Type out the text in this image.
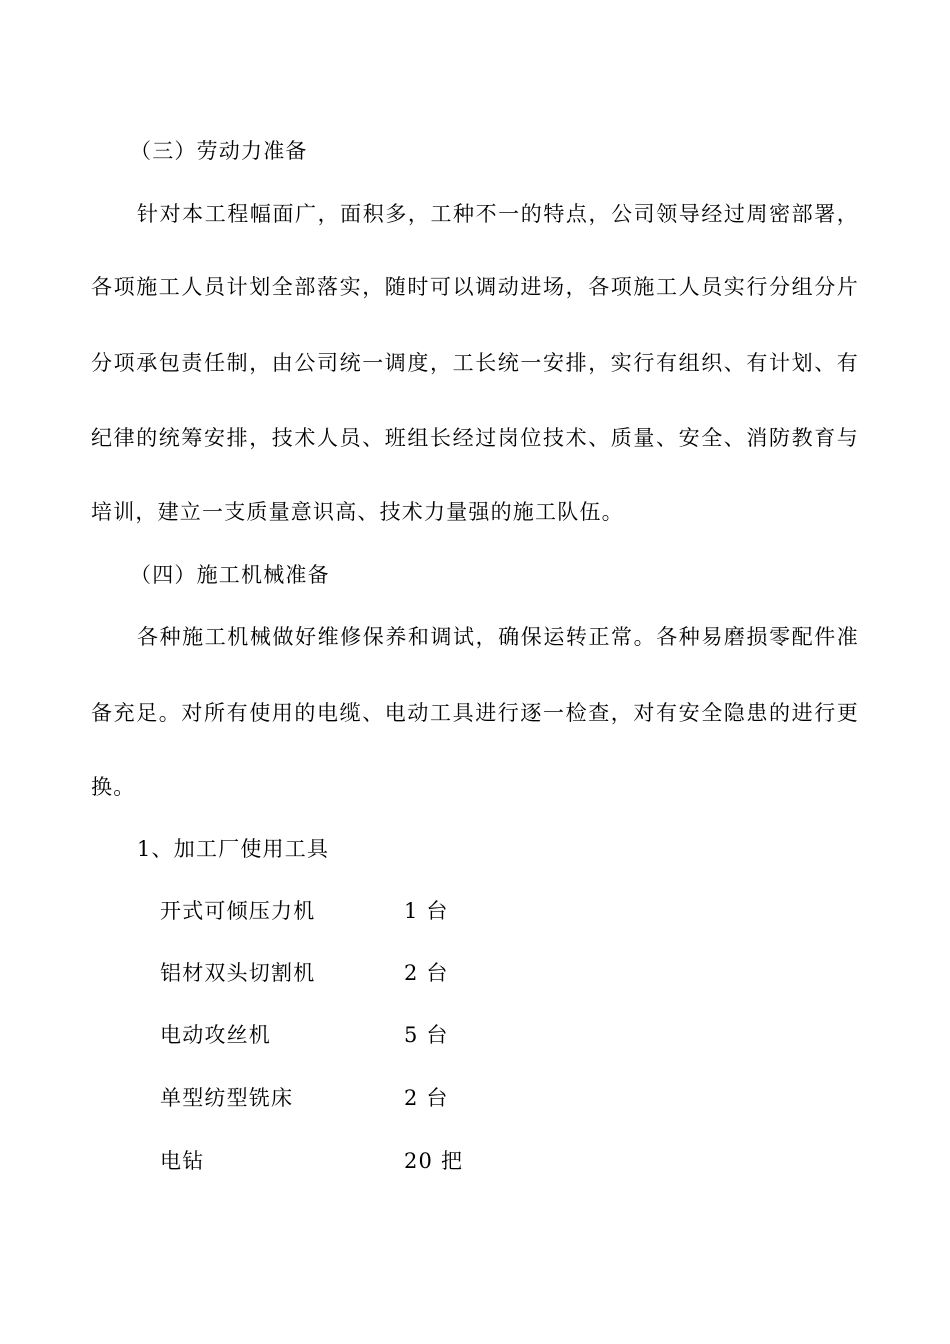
（三）劳动力准备
针对本工程幅面广，面积多，工种不一的特点，公司领导经过周密部署，
各项施工人员计划全部落实，随时可以调动进场，各项施工人员实行分组分片
分项承包责任制，由公司统一调度，工长统一安排，实行有组织、有计划、有
纪律的统筹安排，技术人员、班组长经过岗位技术、质量、安全、消防教育与
培训，建立一支质量意识高、技术力量强的施工队伍。
（四）施工机械准备
各种施工机械做好维修保养和调试，确保运转正常。各种易磨损零配件准
备充足。对所有使用的电缆、电动工具进行逐一检查，对有安全隐患的进行更
换。
1、加工厂使用工具
开式可倾压力机	1 台
铝材双头切割机	2 台
电动攻丝机	5 台
单型纺型铣床	2 台
电钻	20 把
